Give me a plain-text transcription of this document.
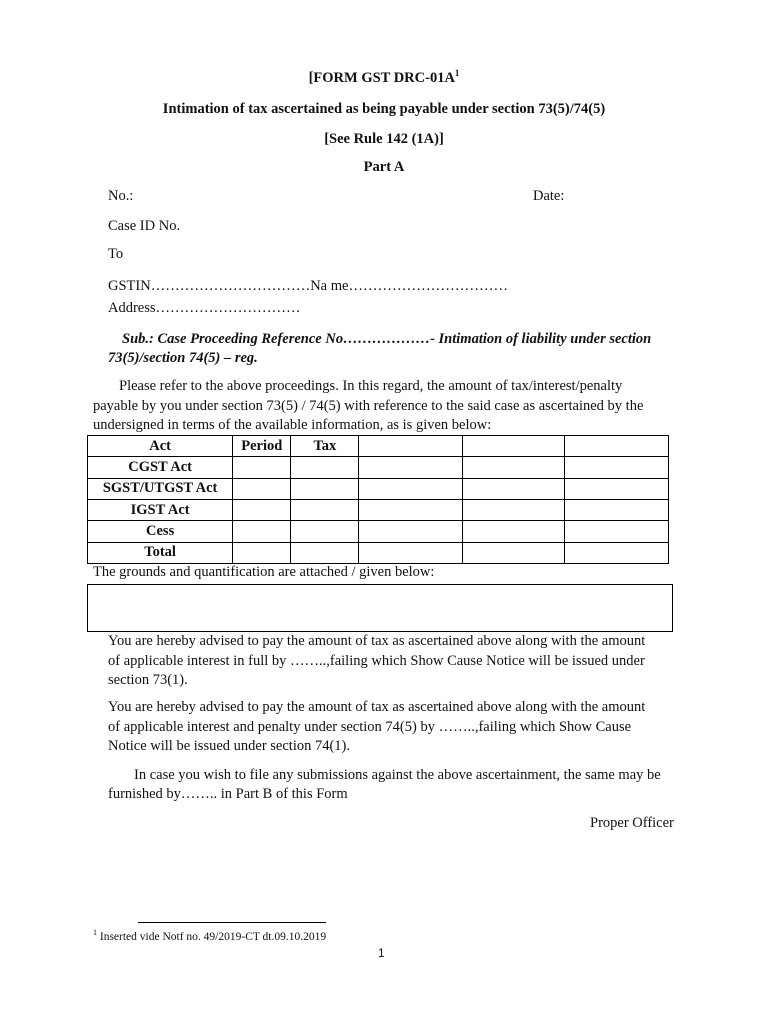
[FORM GST DRC-$01A^1$
Intimation of tax ascertained as being payable under section 73(5)/74(5)
[See Rule 142 (1A)]
Part A
No.:	Date:
Case ID No.
To
GSTIN……………………………Na me……………………………
Address…………………………
Sub.: Case Proceeding Reference No………………- Intimation of liability under section
73(5)/section 74(5) – reg.
Please refer to the above proceedings. In this regard, the amount of tax/interest/penalty
payable by you under section 73(5) / 74(5) with reference to the said case as ascertained by the
undersigned in terms of the available information, as is given below:
Act	Period	Tax			
CGST Act					
SGST/UTGST Act					
IGST Act					
Cess					
Total					
The grounds and quantification are attached / given below:
You are hereby advised to pay the amount of tax as ascertained above along with the amount
of applicable interest in full by ……..,failing which Show Cause Notice will be issued under
section 73(1).
You are hereby advised to pay the amount of tax as ascertained above along with the amount
of applicable interest and penalty under section 74(5) by ……..,failing which Show Cause
Notice will be issued under section 74(1).
In case you wish to file any submissions against the above ascertainment, the same may be
furnished by…….. in Part B of this Form
Proper Officer
$^1$ Inserted vide Notf no. 49/2019-CT dt.09.10.2019
1
